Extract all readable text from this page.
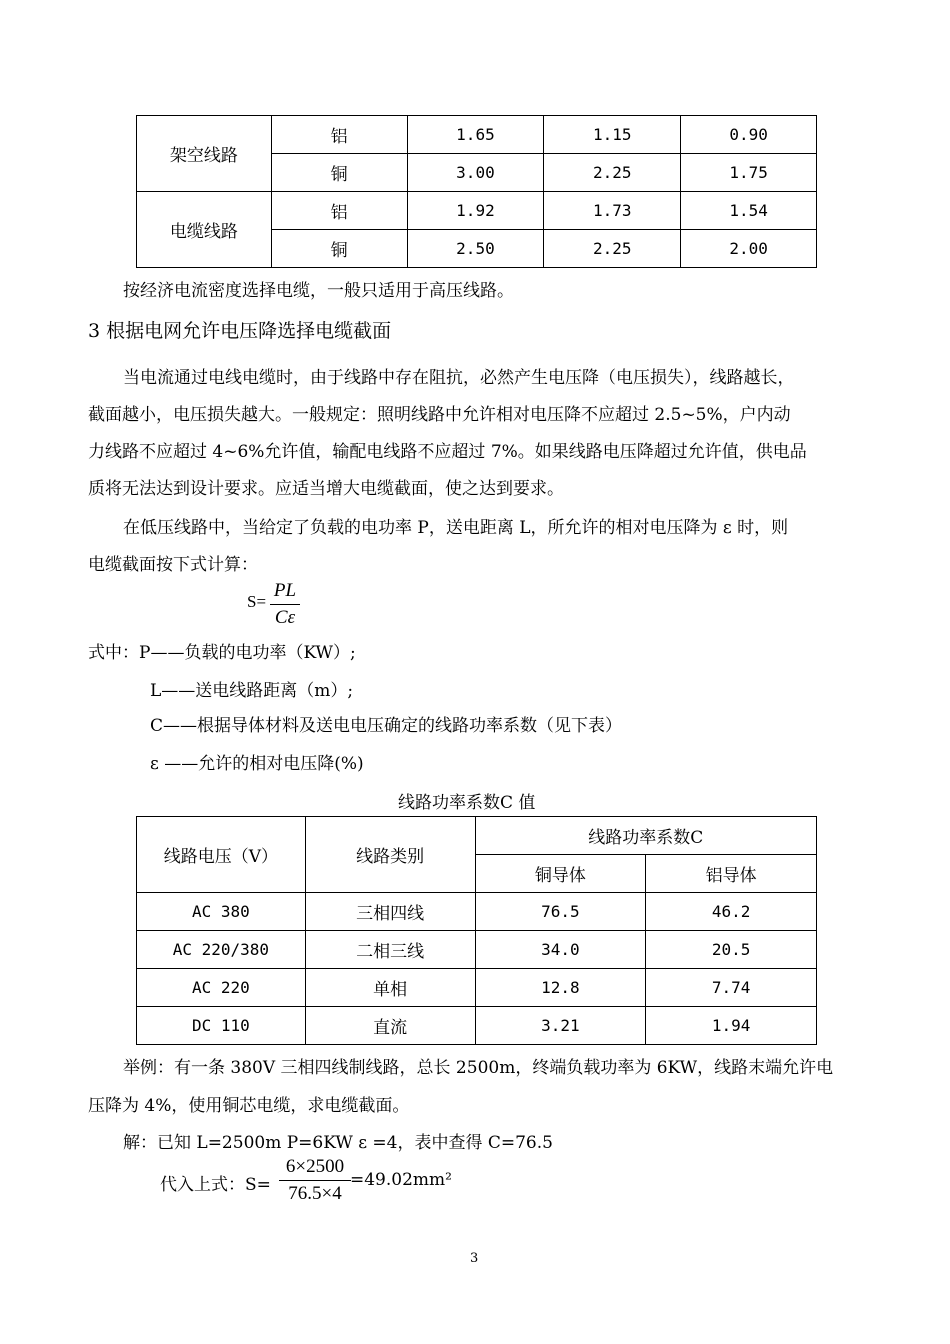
架空线路	铝	1.65	1.15	0.90
	铜	3.00	2.25	1.75
电缆线路	铝	1.92	1.73	1.54
	铜	2.50	2.25	2.00
按经济电流密度选择电缆，一般只适用于高压线路。
3 根据电网允许电压降选择电缆截面
当电流通过电线电缆时，由于线路中存在阻抗，必然产生电压降（电压损失），线路越长，
截面越小，电压损失越大。一般规定：照明线路中允许相对电压降不应超过 2.5~5%，户内动
力线路不应超过 4~6%允许值，输配电线路不应超过 7%。如果线路电压降超过允许值，供电品
质将无法达到设计要求。应适当增大电缆截面，使之达到要求。
在低压线路中，当给定了负载的电功率 P，送电距离 L，所允许的相对电压降为 ε 时，则
电缆截面按下式计算：
S=
PL
Cε
式中：P——负载的电功率（KW）;
L——送电线路距离（m）;
C——根据导体材料及送电电压确定的线路功率系数（见下表）
ε ——允许的相对电压降(%)
线路功率系数C 值
线路电压（V）	线路类别	线路功率系数C	
		铜导体	铝导体
AC 380	三相四线	76.5	46.2
AC 220/380	二相三线	34.0	20.5
AC 220	单相	12.8	7.74
DC 110	直流	3.21	1.94
举例：有一条 380V 三相四线制线路，总长 2500m，终端负载功率为 6KW，线路末端允许电
压降为 4%，使用铜芯电缆，求电缆截面。
解：已知 L=2500m P=6KW ε =4，表中查得 C=76.5
代入上式：S=
6×2500
76.5×4
=49.02mm²
3
